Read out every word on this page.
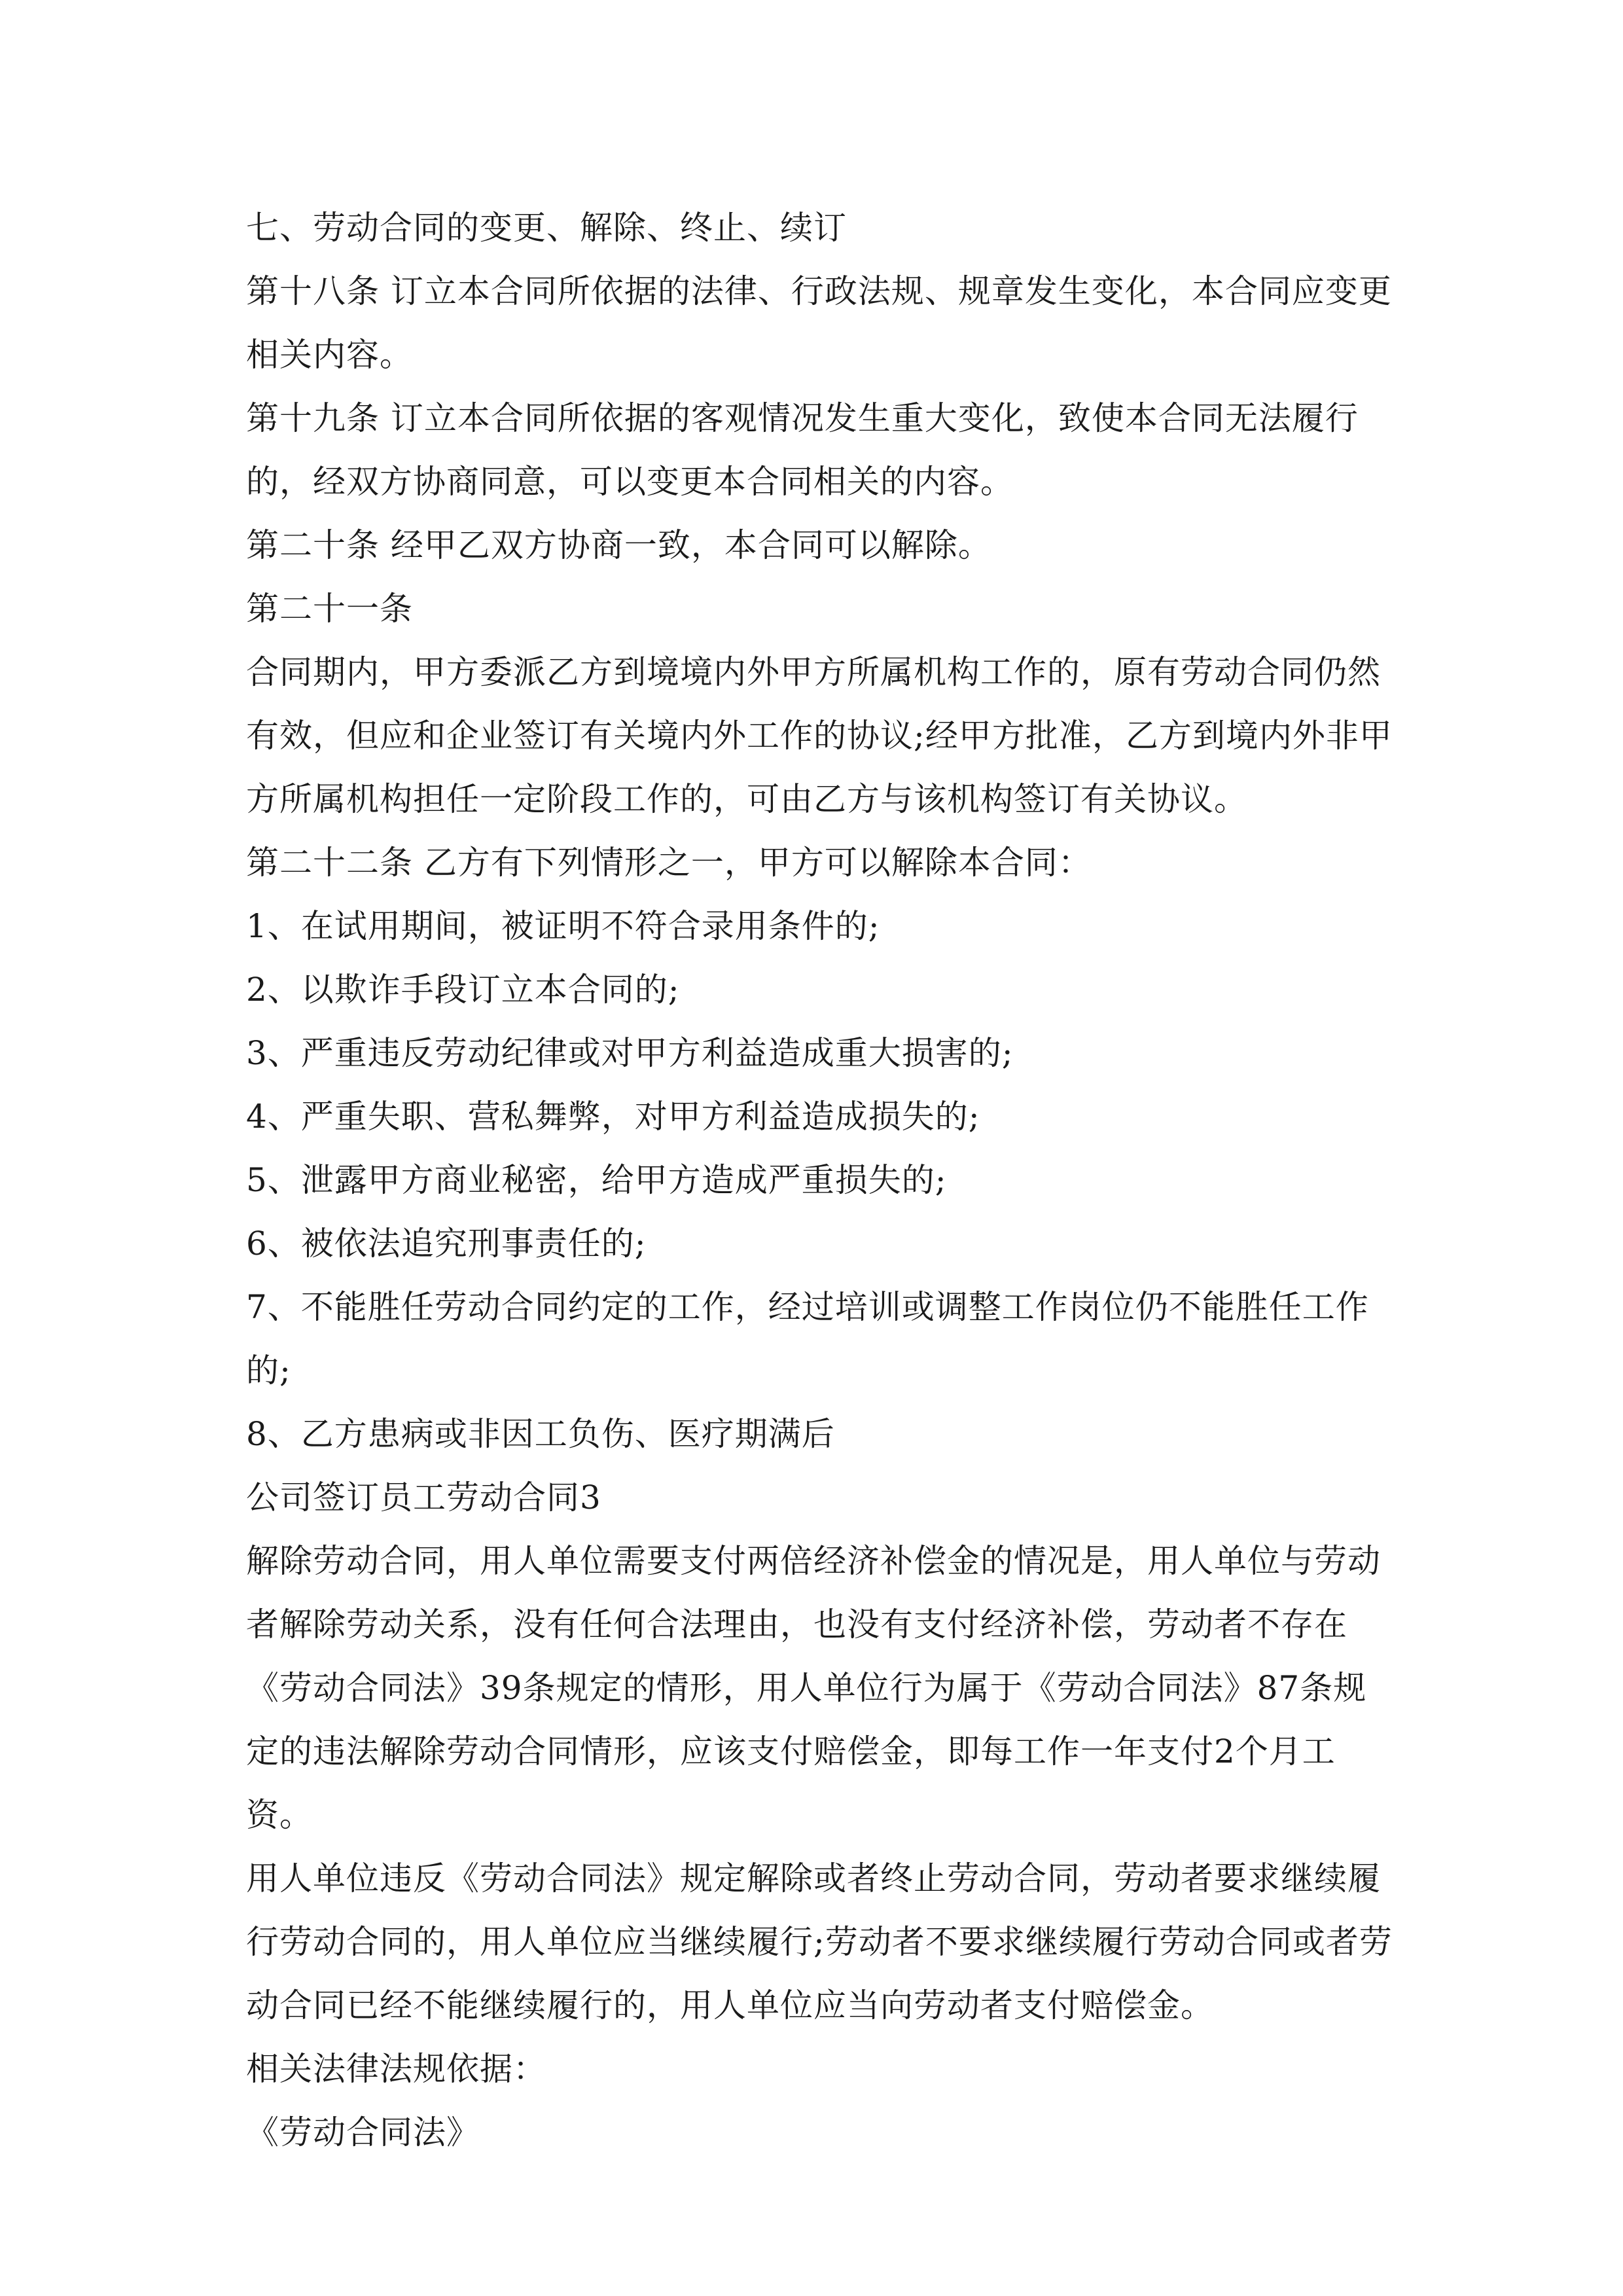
七、劳动合同的变更、解除、终止、续订

第十八条 订立本合同所依据的法律、行政法规、规章发生变化，本合同应变更相关内容。

第十九条 订立本合同所依据的客观情况发生重大变化，致使本合同无法履行的，经双方协商同意，可以变更本合同相关的内容。

第二十条 经甲乙双方协商一致，本合同可以解除。

第二十一条

合同期内，甲方委派乙方到境境内外甲方所属机构工作的，原有劳动合同仍然有效，但应和企业签订有关境内外工作的协议;经甲方批准，乙方到境内外非甲方所属机构担任一定阶段工作的，可由乙方与该机构签订有关协议。

第二十二条 乙方有下列情形之一，甲方可以解除本合同：

1、在试用期间，被证明不符合录用条件的;

2、以欺诈手段订立本合同的;

3、严重违反劳动纪律或对甲方利益造成重大损害的;

4、严重失职、营私舞弊，对甲方利益造成损失的;

5、泄露甲方商业秘密，给甲方造成严重损失的;

6、被依法追究刑事责任的;

7、不能胜任劳动合同约定的工作，经过培训或调整工作岗位仍不能胜任工作的;

8、乙方患病或非因工负伤、医疗期满后

公司签订员工劳动合同3

解除劳动合同，用人单位需要支付两倍经济补偿金的情况是，用人单位与劳动者解除劳动关系，没有任何合法理由，也没有支付经济补偿，劳动者不存在《劳动合同法》39条规定的情形，用人单位行为属于《劳动合同法》87条规定的违法解除劳动合同情形，应该支付赔偿金，即每工作一年支付2个月工资。

用人单位违反《劳动合同法》规定解除或者终止劳动合同，劳动者要求继续履行劳动合同的，用人单位应当继续履行;劳动者不要求继续履行劳动合同或者劳动合同已经不能继续履行的，用人单位应当向劳动者支付赔偿金。

相关法律法规依据：

《劳动合同法》
